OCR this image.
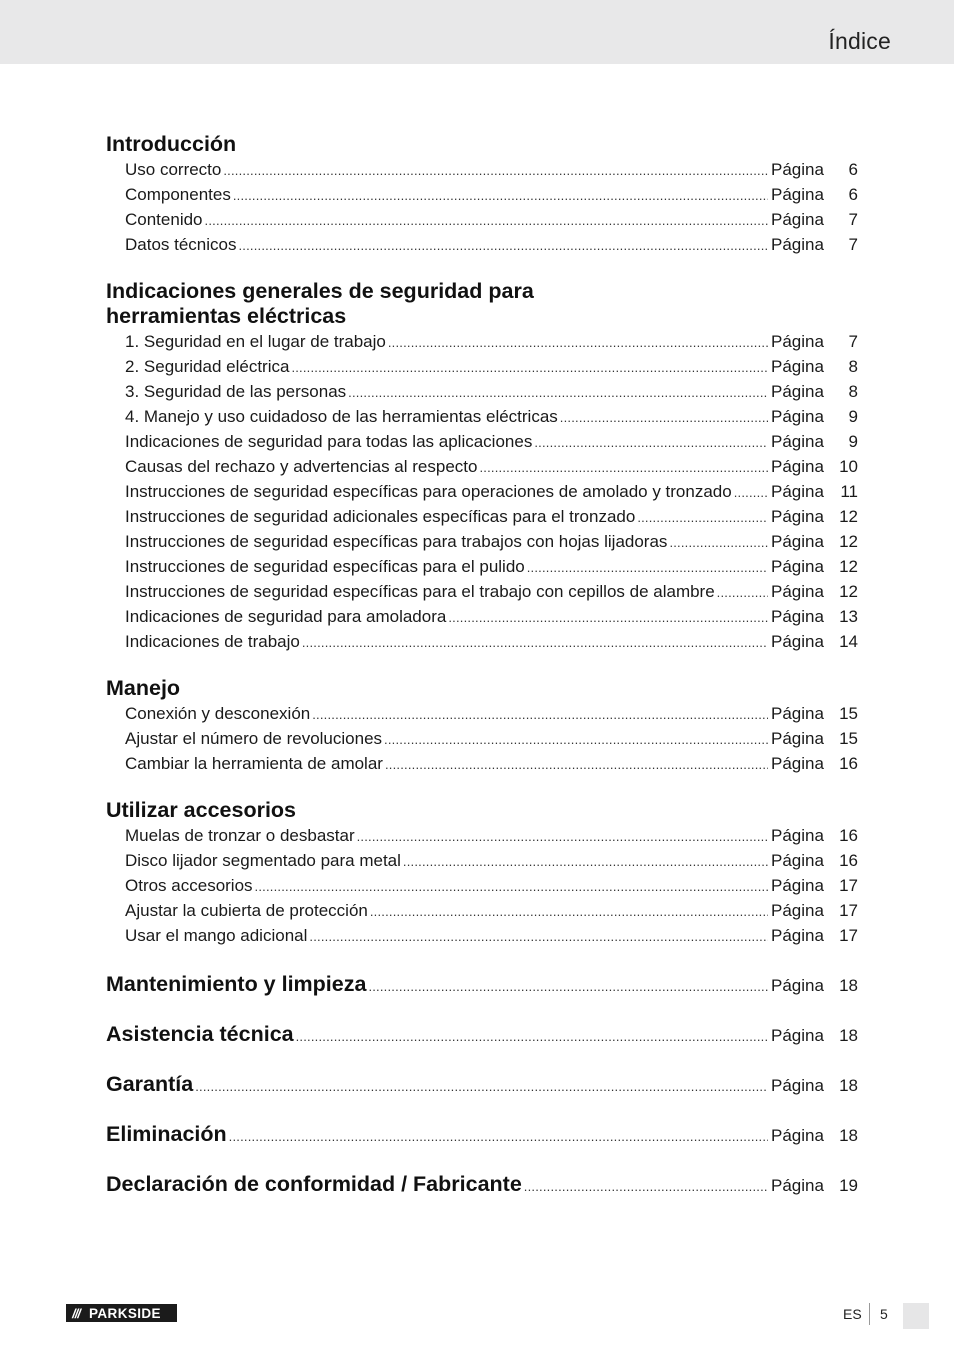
Índice
Introducción
Uso correcto .....	Página	6
Componentes .....	Página	6
Contenido .....	Página	7
Datos técnicos .....	Página	7
Indicaciones generales de seguridad para herramientas eléctricas
1. Seguridad en el lugar de trabajo .....	Página	7
2. Seguridad eléctrica .....	Página	8
3. Seguridad de las personas .....	Página	8
4. Manejo y uso cuidadoso de las herramientas eléctricas .....	Página	9
Indicaciones de seguridad para todas las aplicaciones .....	Página	9
Causas del rechazo y advertencias al respecto .....	Página 10
Instrucciones de seguridad específicas para operaciones de amolado y tronzado ..... Página 11
Instrucciones de seguridad adicionales específicas para el tronzado .....	Página 12
Instrucciones de seguridad específicas para trabajos con hojas lijadoras .....	Página 12
Instrucciones de seguridad específicas para el pulido .....	Página 12
Instrucciones de seguridad específicas para el trabajo con cepillos de alambre .....	Página 12
Indicaciones de seguridad para amoladora .....	Página 13
Indicaciones de trabajo .....	Página 14
Manejo
Conexión y desconexión .....	Página 15
Ajustar el número de revoluciones .....	Página 15
Cambiar la herramienta de amolar .....	Página 16
Utilizar accesorios
Muelas de tronzar o desbastar .....	Página 16
Disco lijador segmentado para metal .....	Página 16
Otros accesorios .....	Página 17
Ajustar la cubierta de protección .....	Página 17
Usar el mango adicional .....	Página 17
Mantenimiento y limpieza .....	Página 18
Asistencia técnica .....	Página 18
Garantía .....	Página 18
Eliminación .....	Página 18
Declaración de conformidad / Fabricante .....	Página 19
/// PARKSIDE	ES 5
